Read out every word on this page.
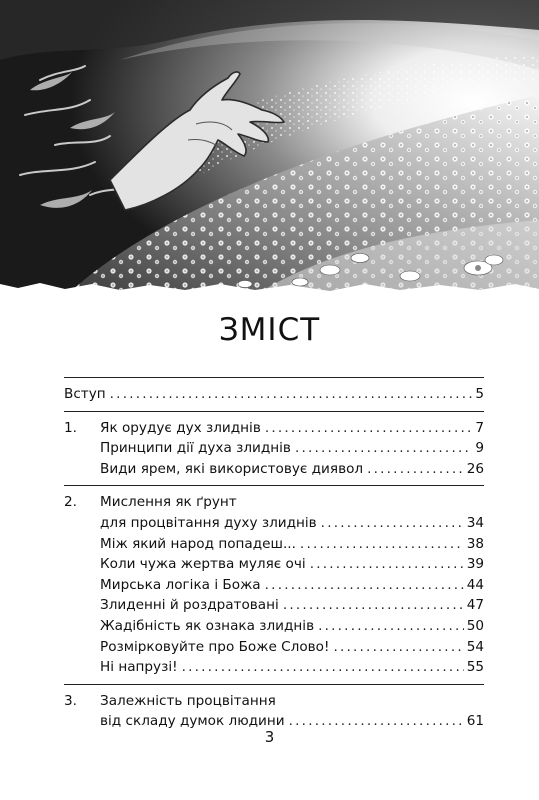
ЗМІСТ
Вступ .....	5
1. Як орудує дух злиднів .....	7
Принципи дії духа злиднів .....	9
Види ярем, які використовує диявол .....	26
2. Мислення як ґрунт
для процвітання духу злиднів .....	34
Між який народ попадеш... .....	38
Коли чужа жертва муляє очі .....	39
Мирська логіка і Божа .....	44
Злиденні й роздратовані .....	47
Жадібність як ознака злиднів .....	50
Розмірковуйте про Боже Слово! .....	54
Ні напрузі! .....	55
3. Залежність процвітання
від складу думок людини .....	61
3
